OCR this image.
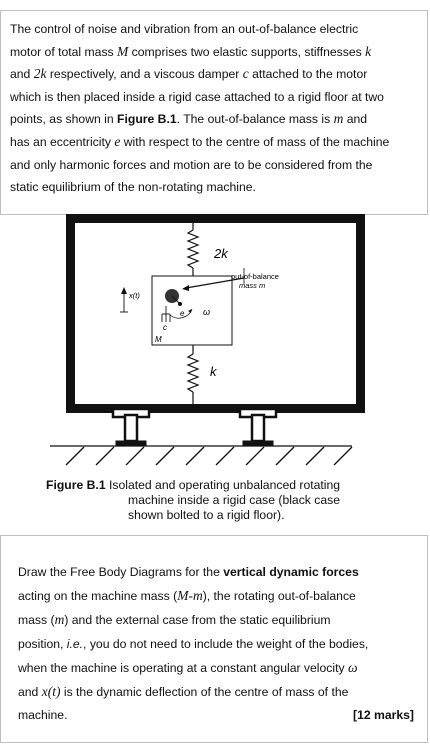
The control of noise and vibration from an out-of-balance electric
motor of total mass M comprises two elastic supports, stiffnesses k
and 2k respectively, and a viscous damper c attached to the motor
which is then placed inside a rigid case attached to a rigid floor at two
points, as shown in Figure B.1. The out-of-balance mass is m and
has an eccentricity e with respect to the centre of mass of the machine
and only harmonic forces and motion are to be considered from the
static equilibrium of the non-rotating machine.
2k
ω
e
c
M
out-of-balance
mass m
x(t)
k
Figure B.1 Isolated and operating unbalanced rotating
machine inside a rigid case (black case
shown bolted to a rigid floor).
Draw the Free Body Diagrams for the vertical dynamic forces
acting on the machine mass (M-m), the rotating out-of-balance
mass (m) and the external case from the static equilibrium
position, i.e., you do not need to include the weight of the bodies,
when the machine is operating at a constant angular velocity ω
and x(t) is the dynamic deflection of the centre of mass of the
machine.	[12 marks]
